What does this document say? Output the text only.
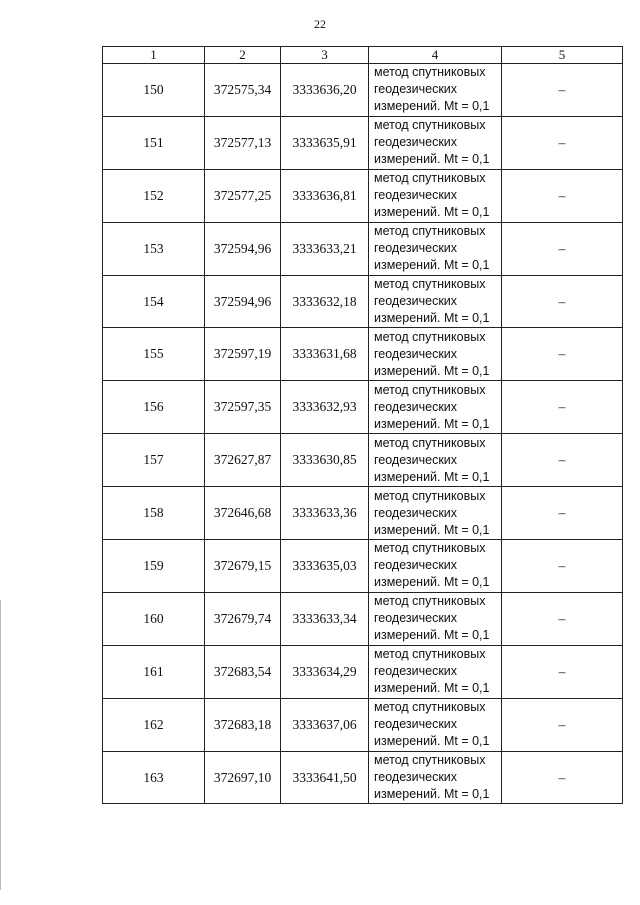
22
1	2	3	4	5
150	372575,34	3333636,20	метод спутниковых
геодезических
измерений. Mt = 0,1	–
151	372577,13	3333635,91	метод спутниковых
геодезических
измерений. Mt = 0,1	–
152	372577,25	3333636,81	метод спутниковых
геодезических
измерений. Mt = 0,1	–
153	372594,96	3333633,21	метод спутниковых
геодезических
измерений. Mt = 0,1	–
154	372594,96	3333632,18	метод спутниковых
геодезических
измерений. Mt = 0,1	–
155	372597,19	3333631,68	метод спутниковых
геодезических
измерений. Mt = 0,1	–
156	372597,35	3333632,93	метод спутниковых
геодезических
измерений. Mt = 0,1	–
157	372627,87	3333630,85	метод спутниковых
геодезических
измерений. Mt = 0,1	–
158	372646,68	3333633,36	метод спутниковых
геодезических
измерений. Mt = 0,1	–
159	372679,15	3333635,03	метод спутниковых
геодезических
измерений. Mt = 0,1	–
160	372679,74	3333633,34	метод спутниковых
геодезических
измерений. Mt = 0,1	–
161	372683,54	3333634,29	метод спутниковых
геодезических
измерений. Mt = 0,1	–
162	372683,18	3333637,06	метод спутниковых
геодезических
измерений. Mt = 0,1	–
163	372697,10	3333641,50	метод спутниковых
геодезических
измерений. Mt = 0,1	–
